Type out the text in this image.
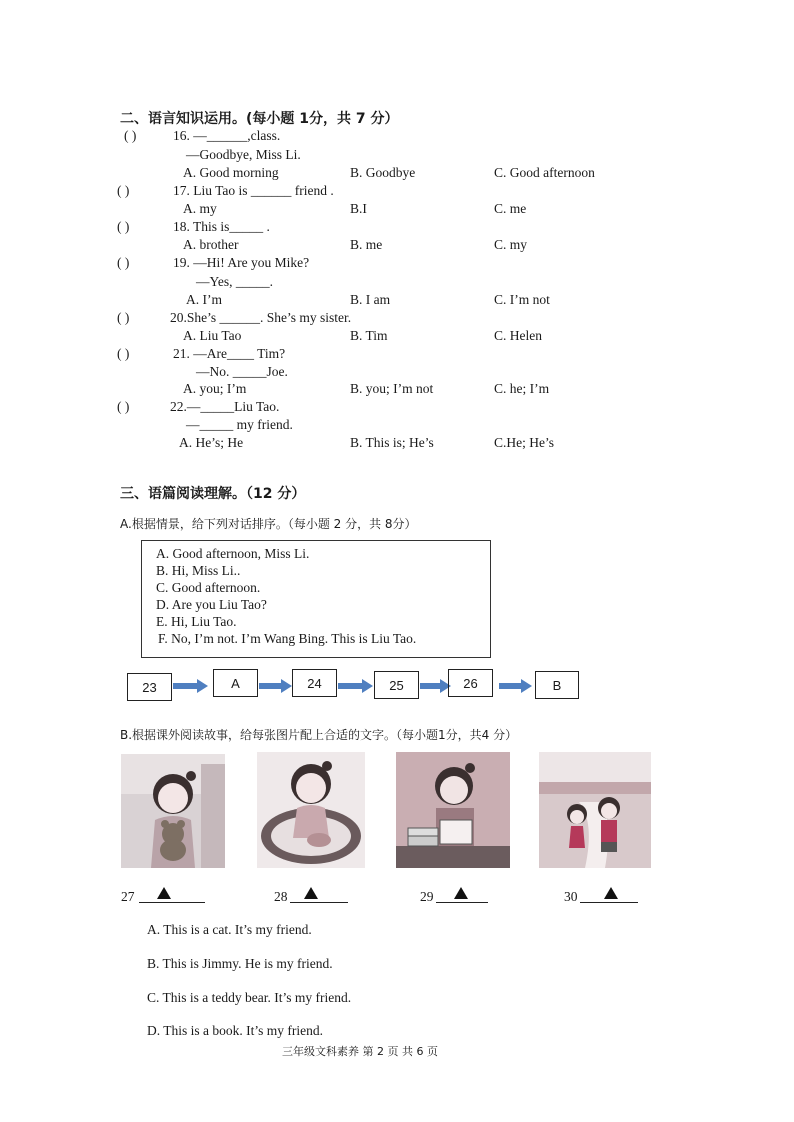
二、语言知识运用。(每小题 1分，共 7 分）
( )	16. —______,class.
—Goodbye, Miss Li.
A. Good morning	B. Goodbye	C. Good afternoon
( )	17. Liu Tao is ______ friend .
A. my	B.I	C. me
( )	18. This is_____ .
A. brother	B. me	C. my
( )	19. —Hi! Are you Mike?
—Yes, _____.
A. I’m	B. I am	C. I’m not
( )	20.She’s ______. She’s my sister.
A. Liu Tao	B. Tim	C. Helen
( )	21. —Are____ Tim?
—No. _____Joe.
A. you; I’m	B. you; I’m not	C. he; I’m
( )	22.—_____Liu Tao.
—_____ my friend.
A. He’s; He	B. This is; He’s	C.He; He’s
三、语篇阅读理解。（12 分）
A.根据情景，给下列对话排序。（每小题 2 分，共 8分）
A. Good afternoon, Miss Li.
B. Hi, Miss Li..
C. Good afternoon.
D. Are you Liu Tao?
E. Hi, Liu Tao.
F. No, I’m not. I’m Wang Bing. This is Liu Tao.
23	A	24	25	26	B
B.根据课外阅读故事，给每张图片配上合适的文字。（每小题1分，共4 分）
27	28	29	30
A. This is a cat. It’s my friend.
B. This is Jimmy. He is my friend.
C. This is a teddy bear. It’s my friend.
D. This is a book. It’s my friend.
三年级文科素养 第 2 页 共 6 页
